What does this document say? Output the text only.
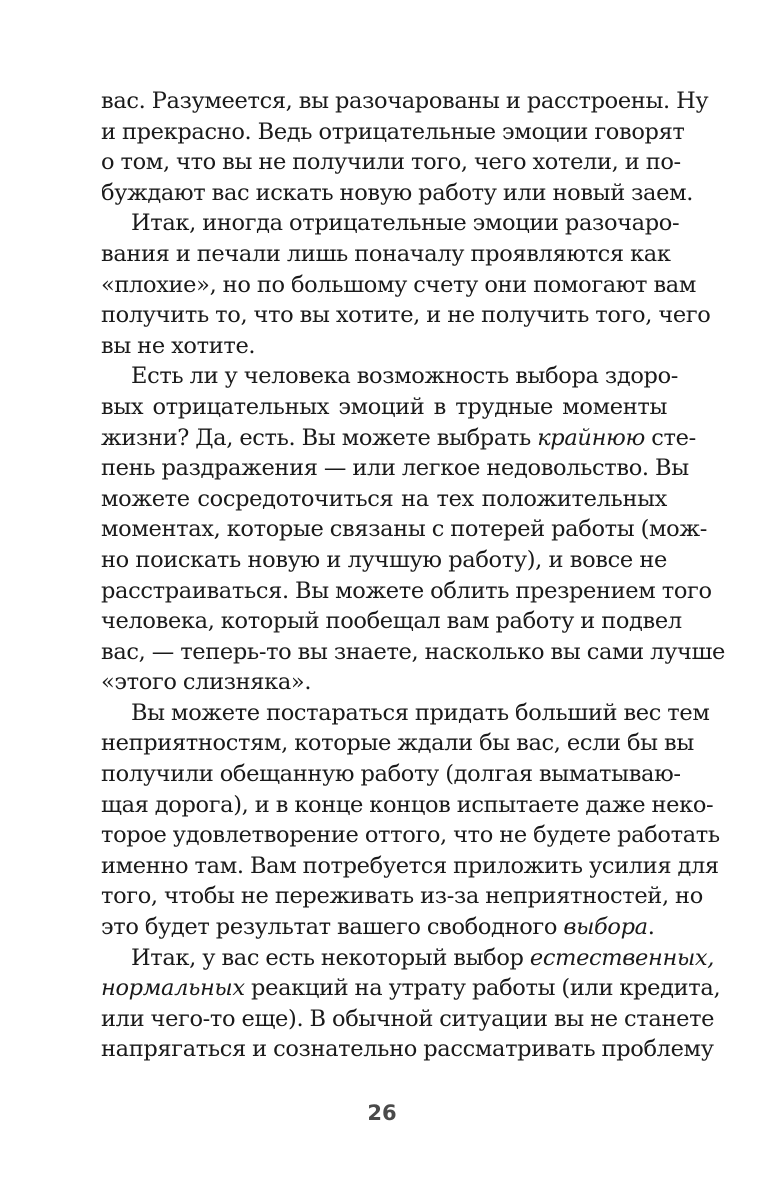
вас. Разумеется, вы разочарованы и расстроены. Ну
и прекрасно. Ведь отрицательные эмоции говорят
о том, что вы не получили того, чего хотели, и по-
буждают вас искать новую работу или новый заем.
Итак, иногда отрицательные эмоции разочаро-
вания и печали лишь поначалу проявляются как
«плохие», но по большому счету они помогают вам
получить то, что вы хотите, и не получить того, чего
вы не хотите.
Есть ли у человека возможность выбора здоро-
вых отрицательных эмоций в трудные моменты
жизни? Да, есть. Вы можете выбрать крайнюю сте-
пень раздражения — или легкое недовольство. Вы
можете сосредоточиться на тех положительных
моментах, которые связаны с потерей работы (мож-
но поискать новую и лучшую работу), и вовсе не
расстраиваться. Вы можете облить презрением того
человека, который пообещал вам работу и подвел
вас, — теперь-то вы знаете, насколько вы сами лучше
«этого слизняка».
Вы можете постараться придать больший вес тем
неприятностям, которые ждали бы вас, если бы вы
получили обещанную работу (долгая выматываю-
щая дорога), и в конце концов испытаете даже неко-
торое удовлетворение оттого, что не будете работать
именно там. Вам потребуется приложить усилия для
того, чтобы не переживать из-за неприятностей, но
это будет результат вашего свободного выбора.
Итак, у вас есть некоторый выбор естественных,
нормальных реакций на утрату работы (или кредита,
или чего-то еще). В обычной ситуации вы не станете
напрягаться и сознательно рассматривать проблему
26
